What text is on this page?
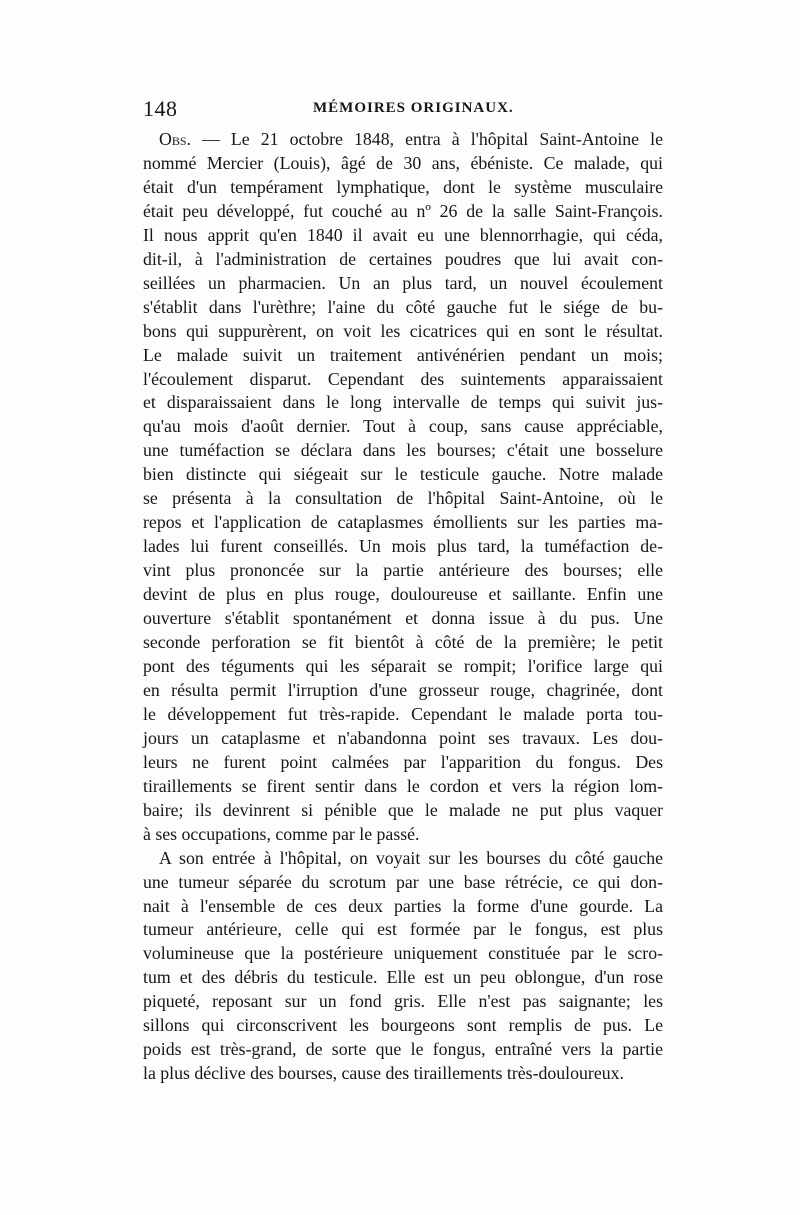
148	MÉMOIRES ORIGINAUX.
Obs. — Le 21 octobre 1848, entra à l'hôpital Saint-Antoine le
nommé Mercier (Louis), âgé de 30 ans, ébéniste. Ce malade, qui
était d'un tempérament lymphatique, dont le système musculaire
était peu développé, fut couché au nº 26 de la salle Saint-François.
Il nous apprit qu'en 1840 il avait eu une blennorrhagie, qui céda,
dit-il, à l'administration de certaines poudres que lui avait con-
seillées un pharmacien. Un an plus tard, un nouvel écoulement
s'établit dans l'urèthre; l'aine du côté gauche fut le siége de bu-
bons qui suppurèrent, on voit les cicatrices qui en sont le résultat.
Le malade suivit un traitement antivénérien pendant un mois;
l'écoulement disparut. Cependant des suintements apparaissaient
et disparaissaient dans le long intervalle de temps qui suivit jus-
qu'au mois d'août dernier. Tout à coup, sans cause appréciable,
une tuméfaction se déclara dans les bourses; c'était une bosselure
bien distincte qui siégeait sur le testicule gauche. Notre malade
se présenta à la consultation de l'hôpital Saint-Antoine, où le
repos et l'application de cataplasmes émollients sur les parties ma-
lades lui furent conseillés. Un mois plus tard, la tuméfaction de-
vint plus prononcée sur la partie antérieure des bourses; elle
devint de plus en plus rouge, douloureuse et saillante. Enfin une
ouverture s'établit spontanément et donna issue à du pus. Une
seconde perforation se fit bientôt à côté de la première; le petit
pont des téguments qui les séparait se rompit; l'orifice large qui
en résulta permit l'irruption d'une grosseur rouge, chagrinée, dont
le développement fut très-rapide. Cependant le malade porta tou-
jours un cataplasme et n'abandonna point ses travaux. Les dou-
leurs ne furent point calmées par l'apparition du fongus. Des
tiraillements se firent sentir dans le cordon et vers la région lom-
baire; ils devinrent si pénible que le malade ne put plus vaquer
à ses occupations, comme par le passé.
A son entrée à l'hôpital, on voyait sur les bourses du côté gauche
une tumeur séparée du scrotum par une base rétrécie, ce qui don-
nait à l'ensemble de ces deux parties la forme d'une gourde. La
tumeur antérieure, celle qui est formée par le fongus, est plus
volumineuse que la postérieure uniquement constituée par le scro-
tum et des débris du testicule. Elle est un peu oblongue, d'un rose
piqueté, reposant sur un fond gris. Elle n'est pas saignante; les
sillons qui circonscrivent les bourgeons sont remplis de pus. Le
poids est très-grand, de sorte que le fongus, entraîné vers la partie
la plus déclive des bourses, cause des tiraillements très-douloureux.
